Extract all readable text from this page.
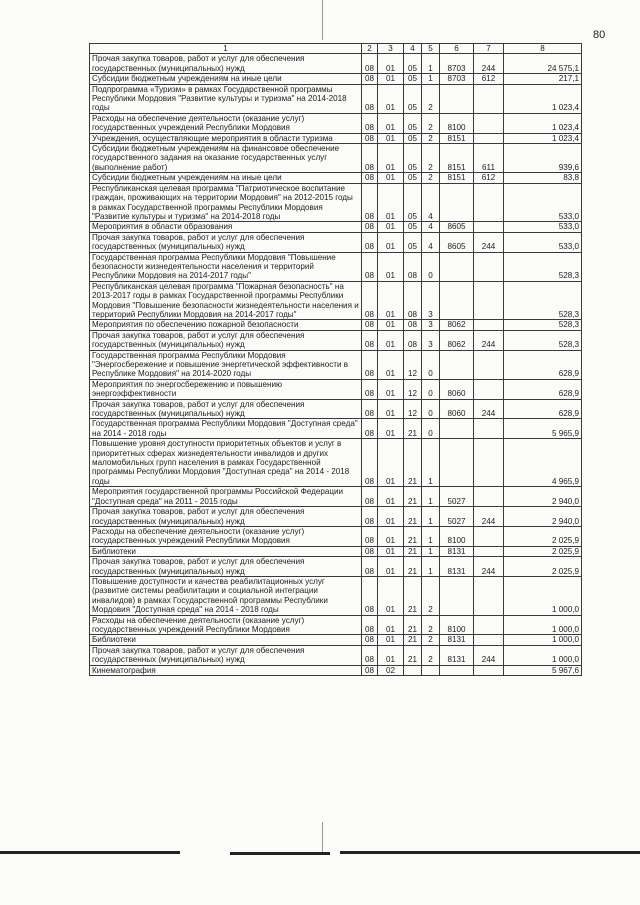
80
1	2	3	4	5	6	7	8
Прочая закупка товаров, работ и услуг для обеспечения государственных (муниципальных) нужд	08	01	05	1	8703	244	24 575,1
Субсидии бюджетным учреждениям на иные цели	08	01	05	1	8703	612	217,1
Подпрограмма «Туризм» в рамках Государственной программы Республики Мордовия "Развитие культуры и туризма" на 2014-2018 годы	08	01	05	2			1 023,4
Расходы на обеспечение деятельности (оказание услуг) государственных учреждений Республики Мордовия	08	01	05	2	8100		1 023,4
Учреждения, осуществляющие мероприятия в области туризма	08	01	05	2	8151		1 023,4
Субсидии бюджетным учреждениям на финансовое обеспечение государственного задания на оказание государственных услуг (выполнение работ)	08	01	05	2	8151	611	939,6
Субсидии бюджетным учреждениям на иные цели	08	01	05	2	8151	612	83,8
Республиканская целевая программа "Патриотическое воспитание граждан, проживающих на территории Мордовия" на 2012-2015 годы в рамках Государственной программы Республики Мордовия "Развитие культуры и туризма" на 2014-2018 годы	08	01	05	4			533,0
Мероприятия в области образования	08	01	05	4	8605		533,0
Прочая закупка товаров, работ и услуг для обеспечения государственных (муниципальных) нужд	08	01	05	4	8605	244	533,0
Государственная программа Республики Мордовия "Повышение безопасности жизнедеятельности населения и территорий Республики Мордовия на 2014-2017 годы"	08	01	08	0			528,3
Республиканская целевая программа "Пожарная безопасность" на 2013-2017 годы в рамках Государственной программы Республики Мордовия "Повышение безопасности жизнедеятельности населения и территорий Республики Мордовия на 2014-2017 годы"	08	01	08	3			528,3
Мероприятия по обеспечению пожарной безопасности	08	01	08	3	8062		528,3
Прочая закупка товаров, работ и услуг для обеспечения государственных (муниципальных) нужд	08	01	08	3	8062	244	528,3
Государственная программа Республики Мордовия "Энергосбережение и повышение энергетической эффективности в Республике Мордовия" на 2014-2020 годы	08	01	12	0			628,9
Мероприятия по энергосбережению и повышению энергоэффективности	08	01	12	0	8060		628,9
Прочая закупка товаров, работ и услуг для обеспечения государственных (муниципальных) нужд	08	01	12	0	8060	244	628,9
Государственная программа Республики Мордовия "Доступная среда" на 2014 - 2018 годы	08	01	21	0			5 965,9
Повышение уровня доступности приоритетных объектов и услуг в приоритетных сферах жизнедеятельности инвалидов и других маломобильных групп населения в рамках Государственной программы Республики Мордовия "Доступная среда" на 2014 - 2018 годы	08	01	21	1			4 965,9
Мероприятия государственной программы Российской Федерации "Доступная среда" на 2011 - 2015 годы	08	01	21	1	5027		2 940,0
Прочая закупка товаров, работ и услуг для обеспечения государственных (муниципальных) нужд	08	01	21	1	5027	244	2 940,0
Расходы на обеспечение деятельности (оказание услуг) государственных учреждений Республики Мордовия	08	01	21	1	8100		2 025,9
Библиотеки	08	01	21	1	8131		2 025,9
Прочая закупка товаров, работ и услуг для обеспечения государственных (муниципальных) нужд	08	01	21	1	8131	244	2 025,9
Повышение доступности и качества реабилитационных услуг (развитие системы реабилитации и социальной интеграции инвалидов) в рамках Государственной программы Республики Мордовия "Доступная среда" на 2014 - 2018 годы	08	01	21	2			1 000,0
Расходы на обеспечение деятельности (оказание услуг) государственных учреждений Республики Мордовия	08	01	21	2	8100		1 000,0
Библиотеки	08	01	21	2	8131		1 000,0
Прочая закупка товаров, работ и услуг для обеспечения государственных (муниципальных) нужд	08	01	21	2	8131	244	1 000,0
Кинематография	08	02					5 967,6
